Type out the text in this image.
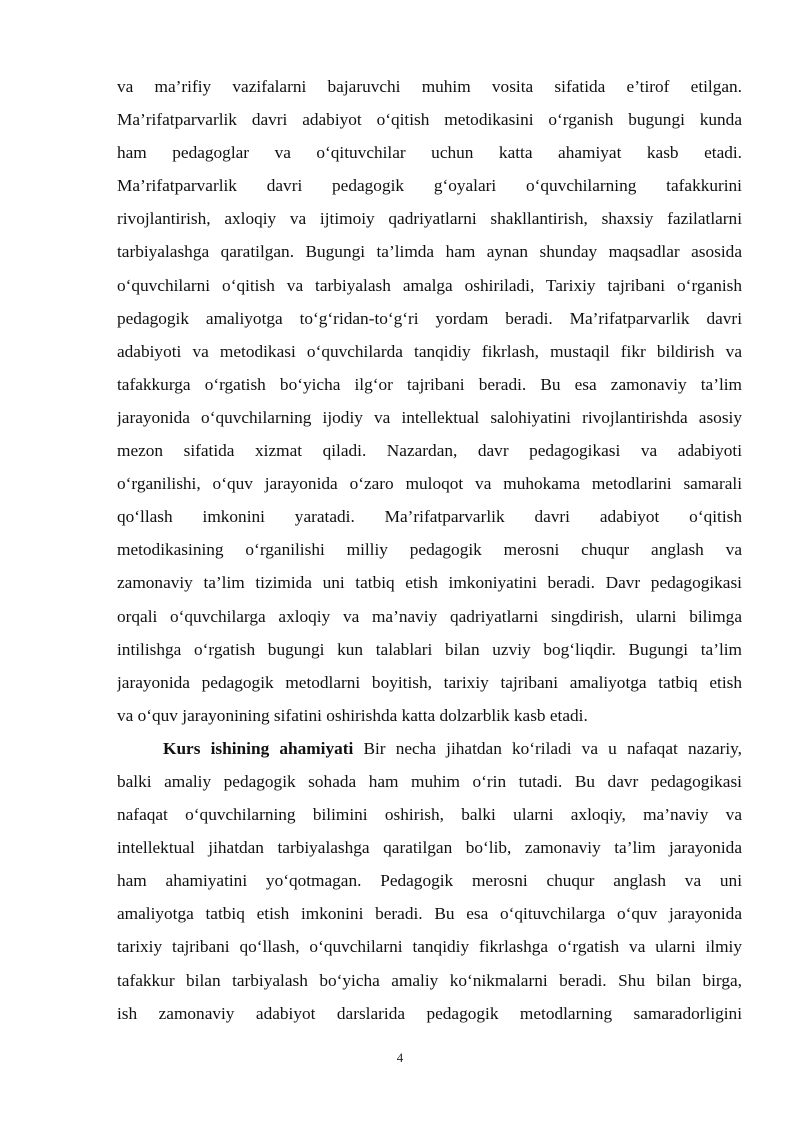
va ma’rifiy vazifalarni bajaruvchi muhim vosita sifatida e’tirof etilgan.
Ma’rifatparvarlik davri adabiyot o‘qitish metodikasini o‘rganish bugungi kunda
ham pedagoglar va o‘qituvchilar uchun katta ahamiyat kasb etadi.
Ma’rifatparvarlik davri pedagogik g‘oyalari o‘quvchilarning tafakkurini
rivojlantirish, axloqiy va ijtimoiy qadriyatlarni shakllantirish, shaxsiy fazilatlarni
tarbiyalashga qaratilgan. Bugungi ta’limda ham aynan shunday maqsadlar asosida
o‘quvchilarni o‘qitish va tarbiyalash amalga oshiriladi, Tarixiy tajribani o‘rganish
pedagogik amaliyotga to‘g‘ridan-to‘g‘ri yordam beradi. Ma’rifatparvarlik davri
adabiyoti va metodikasi o‘quvchilarda tanqidiy fikrlash, mustaqil fikr bildirish va
tafakkurga o‘rgatish bo‘yicha ilg‘or tajribani beradi. Bu esa zamonaviy ta’lim
jarayonida o‘quvchilarning ijodiy va intellektual salohiyatini rivojlantirishda asosiy
mezon sifatida xizmat qiladi. Nazardan, davr pedagogikasi va adabiyoti
o‘rganilishi, o‘quv jarayonida o‘zaro muloqot va muhokama metodlarini samarali
qo‘llash imkonini yaratadi. Ma’rifatparvarlik davri adabiyot o‘qitish
metodikasining o‘rganilishi milliy pedagogik merosni chuqur anglash va
zamonaviy ta’lim tizimida uni tatbiq etish imkoniyatini beradi. Davr pedagogikasi
orqali o‘quvchilarga axloqiy va ma’naviy qadriyatlarni singdirish, ularni bilimga
intilishga o‘rgatish bugungi kun talablari bilan uzviy bog‘liqdir. Bugungi ta’lim
jarayonida pedagogik metodlarni boyitish, tarixiy tajribani amaliyotga tatbiq etish
va o‘quv jarayonining sifatini oshirishda katta dolzarblik kasb etadi.
Kurs ishining ahamiyati Bir necha jihatdan ko‘riladi va u nafaqat nazariy,
balki amaliy pedagogik sohada ham muhim o‘rin tutadi. Bu davr pedagogikasi
nafaqat o‘quvchilarning bilimini oshirish, balki ularni axloqiy, ma’naviy va
intellektual jihatdan tarbiyalashga qaratilgan bo‘lib, zamonaviy ta’lim jarayonida
ham ahamiyatini yo‘qotmagan. Pedagogik merosni chuqur anglash va uni
amaliyotga tatbiq etish imkonini beradi. Bu esa o‘qituvchilarga o‘quv jarayonida
tarixiy tajribani qo‘llash, o‘quvchilarni tanqidiy fikrlashga o‘rgatish va ularni ilmiy
tafakkur bilan tarbiyalash bo‘yicha amaliy ko‘nikmalarni beradi. Shu bilan birga,
ish zamonaviy adabiyot darslarida pedagogik metodlarning samaradorligini
4
